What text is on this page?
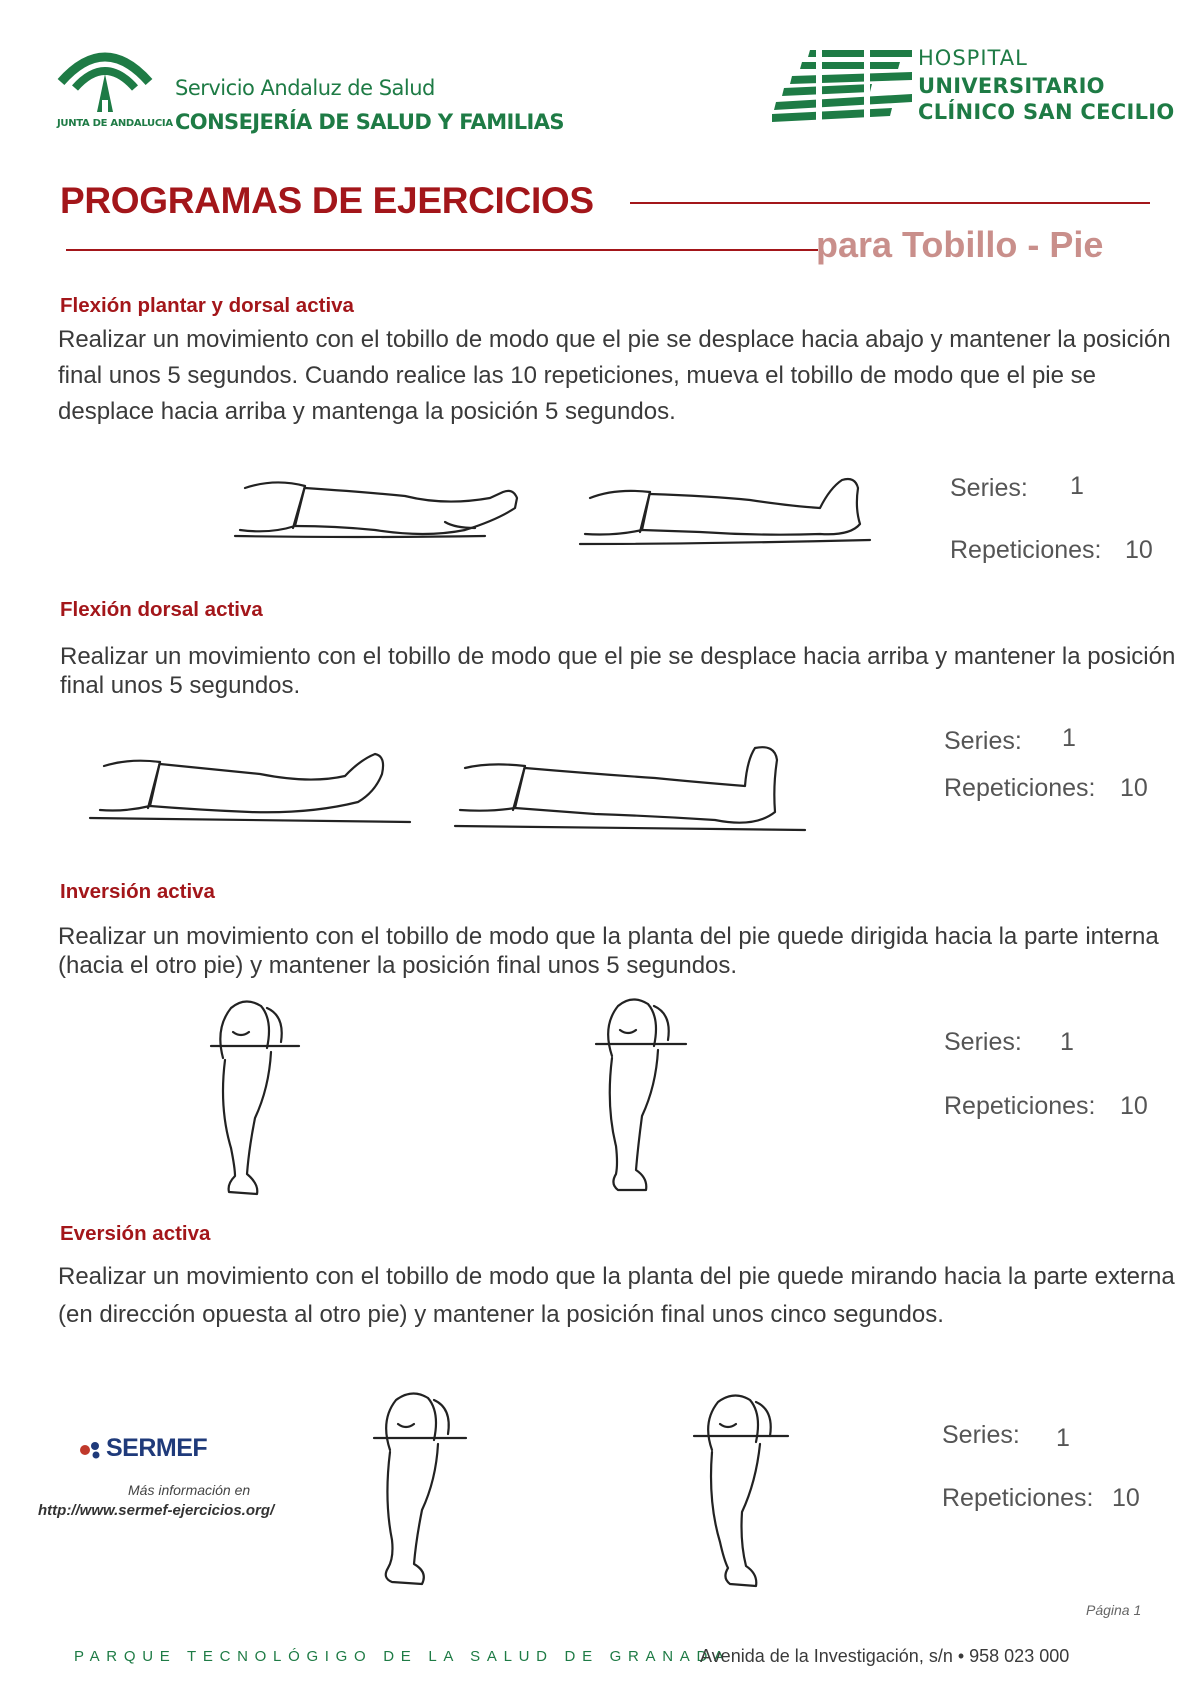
JUNTA DE ANDALUCIA
Servicio Andaluz de Salud
CONSEJERÍA DE SALUD Y FAMILIAS
HOSPITAL
UNIVERSITARIO
CLÍNICO SAN CECILIO
PROGRAMAS DE EJERCICIOS
para Tobillo - Pie
Flexión plantar y dorsal activa
Realizar un movimiento con el tobillo de modo que el pie se desplace hacia abajo y mantener la posición final unos 5 segundos. Cuando realice las 10 repeticiones, mueva el tobillo de modo que el pie se desplace hacia arriba y mantenga la posición 5 segundos.
Series: 1
Repeticiones: 10
Flexión dorsal activa
Realizar un movimiento con el tobillo de modo que el pie se desplace hacia arriba y mantener la posición final unos 5 segundos.
Series: 1
Repeticiones: 10
Inversión activa
Realizar un movimiento con el tobillo de modo que la planta del pie quede dirigida hacia la parte interna (hacia el otro pie) y mantener la posición final unos 5 segundos.
Series: 1
Repeticiones: 10
Eversión activa
Realizar un movimiento con el tobillo de modo que la planta del pie quede mirando hacia la parte externa (en dirección opuesta al otro pie) y mantener la posición final unos cinco segundos.
Series: 1
Repeticiones: 10
SERMEF
Más información en
http://www.sermef-ejercicios.org/
Página 1
PARQUE TECNOLÓGIGO DE LA SALUD DE GRANADA
Avenida de la Investigación, s/n • 958 023 000
